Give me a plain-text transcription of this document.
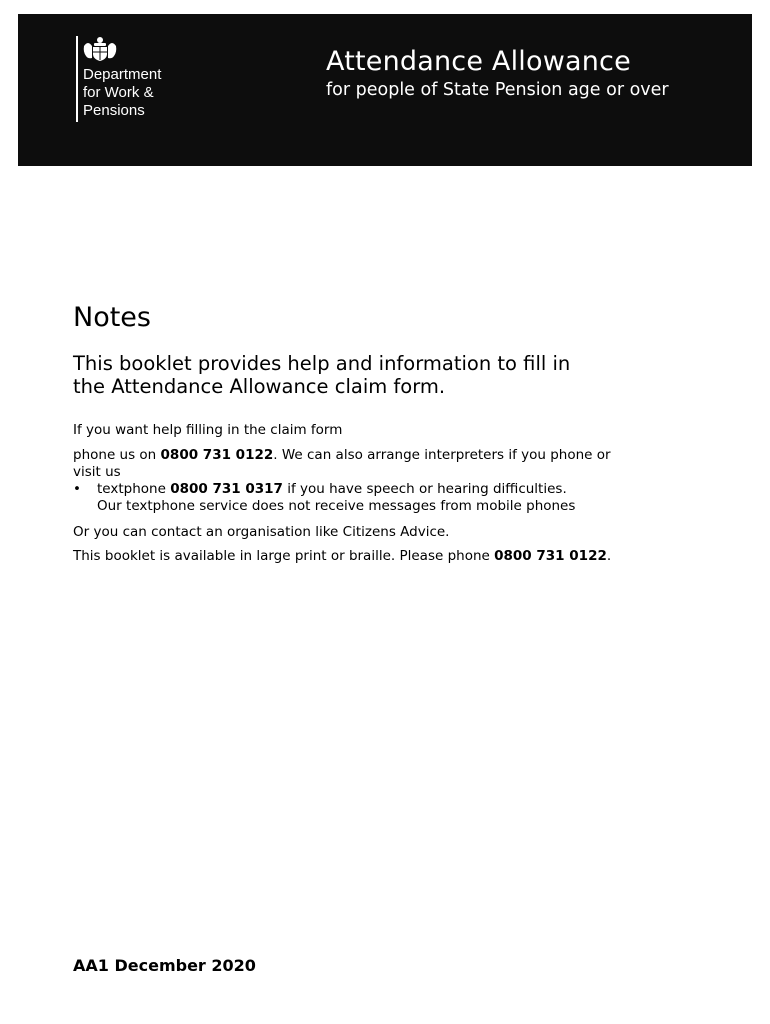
Department
for Work &
Pensions
Attendance Allowance
for people of State Pension age or over
Notes
This booklet provides help and information to fill in
the Attendance Allowance claim form.

If you want help filling in the claim form

phone us on 0800 731 0122. We can also arrange interpreters if you phone or visit us

• textphone 0800 731 0317 if you have speech or hearing difficulties.
Our textphone service does not receive messages from mobile phones

Or you can contact an organisation like Citizens Advice.

This booklet is available in large print or braille. Please phone 0800 731 0122.

AA1 December 2020
